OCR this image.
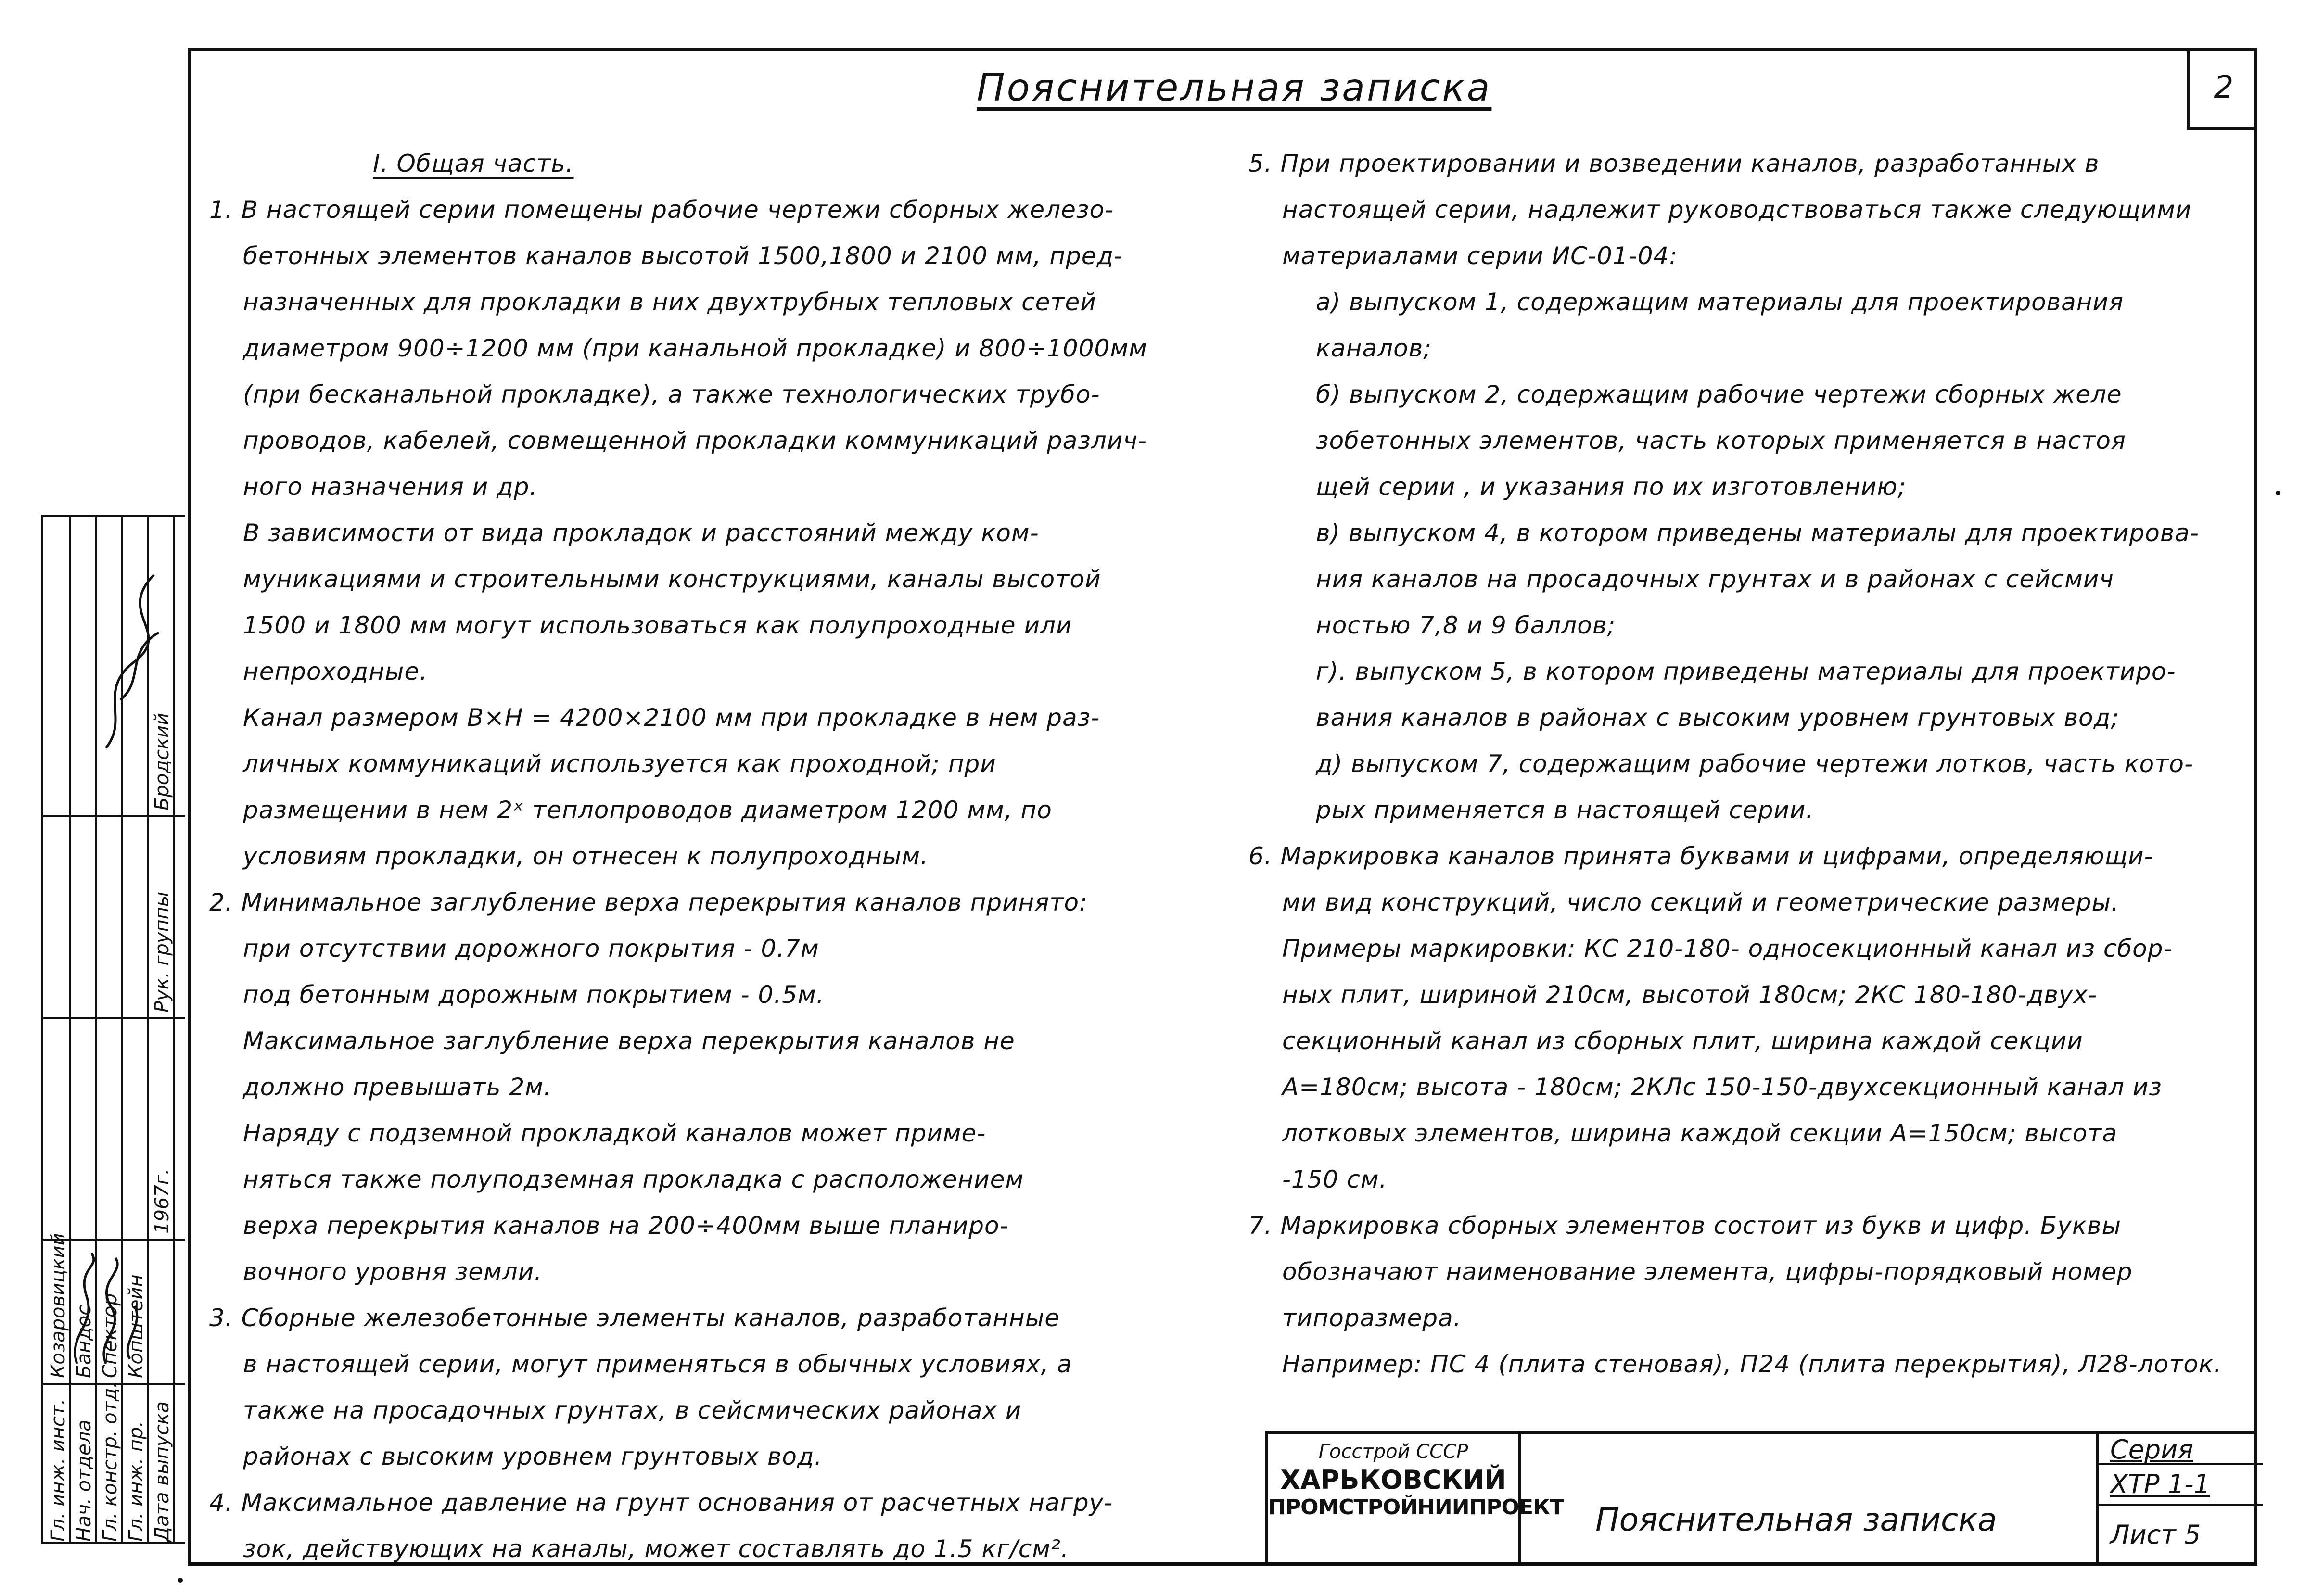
2
Пояснительная записка
I. Общая часть.
1. В настоящей серии помещены рабочие чертежи сборных железо-
бетонных элементов каналов высотой 1500,1800 и 2100 мм, пред-
назначенных для прокладки в них двухтрубных тепловых сетей
диаметром 900÷1200 мм (при канальной прокладке) и 800÷1000мм
(при бесканальной прокладке), а также технологических трубо-
проводов, кабелей, совмещенной прокладки коммуникаций различ-
ного назначения и др.
В зависимости от вида прокладок и расстояний между ком-
муникациями и строительными конструкциями, каналы высотой
1500 и 1800 мм могут использоваться как полупроходные или
непроходные.
Канал размером В×Н = 4200×2100 мм при прокладке в нем раз-
личных коммуникаций используется как проходной; при
размещении в нем 2ˣ теплопроводов диаметром 1200 мм, по
условиям прокладки, он отнесен к полупроходным.
2. Минимальное заглубление верха перекрытия каналов принято:
при отсутствии дорожного покрытия - 0.7м
под бетонным дорожным покрытием - 0.5м.
Максимальное заглубление верха перекрытия каналов не
должно превышать 2м.
Наряду с подземной прокладкой каналов может приме-
няться также полуподземная прокладка с расположением
верха перекрытия каналов на 200÷400мм выше планиро-
вочного уровня земли.
3. Сборные железобетонные элементы каналов, разработанные
в настоящей серии, могут применяться в обычных условиях, а
также на просадочных грунтах, в сейсмических районах и
районах с высоким уровнем грунтовых вод.
4. Максимальное давление на грунт основания от расчетных нагру-
зок, действующих на каналы, может составлять до 1.5 кг/см².
5. При проектировании и возведении каналов, разработанных в
настоящей серии, надлежит руководствоваться также следующими
материалами серии ИС-01-04:
а) выпуском 1, содержащим материалы для проектирования
каналов;
б) выпуском 2, содержащим рабочие чертежи сборных желе
зобетонных элементов, часть которых применяется в настоя
щей серии , и указания по их изготовлению;
в) выпуском 4, в котором приведены материалы для проектирова-
ния каналов на просадочных грунтах и в районах с сейсмич
ностью 7,8 и 9 баллов;
г). выпуском 5, в котором приведены материалы для проектиро-
вания каналов в районах с высоким уровнем грунтовых вод;
д) выпуском 7, содержащим рабочие чертежи лотков, часть кото-
рых применяется в настоящей серии.
6. Маркировка каналов принята буквами и цифрами, определяющи-
ми вид конструкций, число секций и геометрические размеры.
Примеры маркировки: КС 210-180- односекционный канал из сбор-
ных плит, шириной 210см, высотой 180см; 2КС 180-180-двух-
секционный канал из сборных плит, ширина каждой секции
А=180см; высота - 180см; 2КЛс 150-150-двухсекционный канал из
лотковых элементов, ширина каждой секции А=150см; высота
-150 см.
7. Маркировка сборных элементов состоит из букв и цифр. Буквы
обозначают наименование элемента, цифры-порядковый номер
типоразмера.
Например: ПС 4 (плита стеновая), П24 (плита перекрытия), Л28-лоток.
Гл. инж. инст. Нач. отдела Гл. констр. отд. Гл. инж. пр. Дата выпуска
Козаровицкий Бандос Спектор Копштейн
1967г.
Рук. группы
Бродский
Госстрой СССР
ХАРЬКОВСКИЙ
ПРОМСТРОЙНИИПРОЕКТ Пояснительная записка
Серия
ХТР 1-1
Лист 5
